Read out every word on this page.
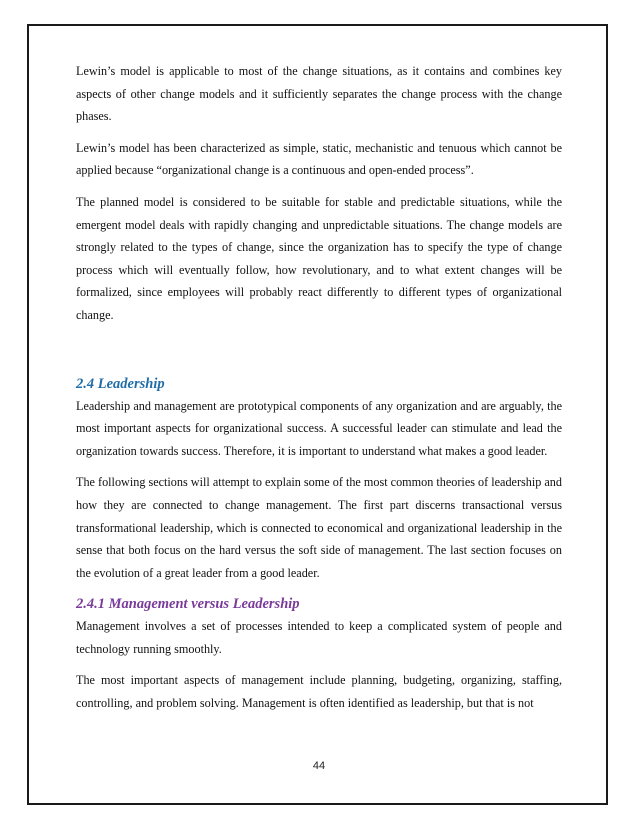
Lewin’s model is applicable to most of the change situations, as it contains and combines key aspects of other change models and it sufficiently separates the change process with the change phases.

Lewin’s model has been characterized as simple, static, mechanistic and tenuous which cannot be applied because “organizational change is a continuous and open-ended process”.

The planned model is considered to be suitable for stable and predictable situations, while the emergent model deals with rapidly changing and unpredictable situations. The change models are strongly related to the types of change, since the organization has to specify the type of change process which will eventually follow, how revolutionary, and to what extent changes will be formalized, since employees will probably react differently to different types of organizational change.

2.4 Leadership

Leadership and management are prototypical components of any organization and are arguably, the most important aspects for organizational success. A successful leader can stimulate and lead the organization towards success. Therefore, it is important to understand what makes a good leader.

The following sections will attempt to explain some of the most common theories of leadership and how they are connected to change management. The first part discerns transactional versus transformational leadership, which is connected to economical and organizational leadership in the sense that both focus on the hard versus the soft side of management. The last section focuses on the evolution of a great leader from a good leader.

2.4.1 Management versus Leadership

Management involves a set of processes intended to keep a complicated system of people and technology running smoothly.

The most important aspects of management include planning, budgeting, organizing, staffing, controlling, and problem solving. Management is often identified as leadership, but that is not

44
